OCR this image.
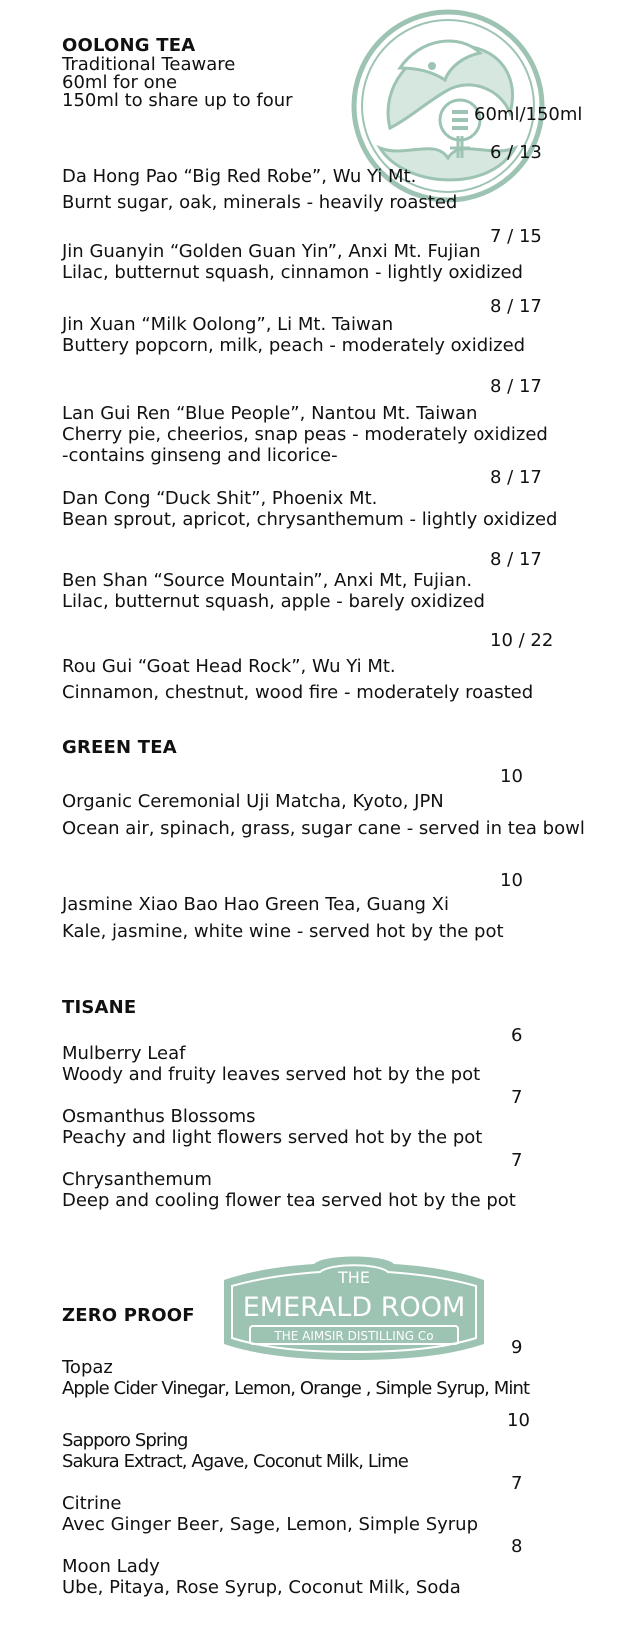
THE
EMERALD ROOM
THE AIMSIR DISTILLING Co
OOLONG TEA
Traditional Teaware
60ml for one
150ml to share up to four
60ml/150ml
6 / 13
Da Hong Pao “Big Red Robe”, Wu Yi Mt.
Burnt sugar, oak, minerals - heavily roasted
7 / 15
Jin Guanyin “Golden Guan Yin”, Anxi Mt. Fujian
Lilac, butternut squash, cinnamon - lightly oxidized
8 / 17
Jin Xuan “Milk Oolong”, Li Mt. Taiwan
Buttery popcorn, milk, peach - moderately oxidized
8 / 17
Lan Gui Ren “Blue People”, Nantou Mt. Taiwan
Cherry pie, cheerios, snap peas - moderately oxidized
-contains ginseng and licorice-
8 / 17
Dan Cong “Duck Shit”, Phoenix Mt.
Bean sprout, apricot, chrysanthemum - lightly oxidized
8 / 17
Ben Shan “Source Mountain”, Anxi Mt, Fujian.
Lilac, butternut squash, apple - barely oxidized
10 / 22
Rou Gui “Goat Head Rock”, Wu Yi Mt.
Cinnamon, chestnut, wood fire - moderately roasted
GREEN TEA
10
Organic Ceremonial Uji Matcha, Kyoto, JPN
Ocean air, spinach, grass, sugar cane - served in tea bowl
10
Jasmine Xiao Bao Hao Green Tea, Guang Xi
Kale, jasmine, white wine - served hot by the pot
TISANE
6
Mulberry Leaf
Woody and fruity leaves served hot by the pot
7
Osmanthus Blossoms
Peachy and light flowers served hot by the pot
7
Chrysanthemum
Deep and cooling flower tea served hot by the pot
ZERO PROOF
9
Topaz
Apple Cider Vinegar, Lemon, Orange , Simple Syrup, Mint
10
Sapporo Spring
Sakura Extract, Agave, Coconut Milk, Lime
7
Citrine
Avec Ginger Beer, Sage, Lemon, Simple Syrup
8
Moon Lady
Ube, Pitaya, Rose Syrup, Coconut Milk, Soda
